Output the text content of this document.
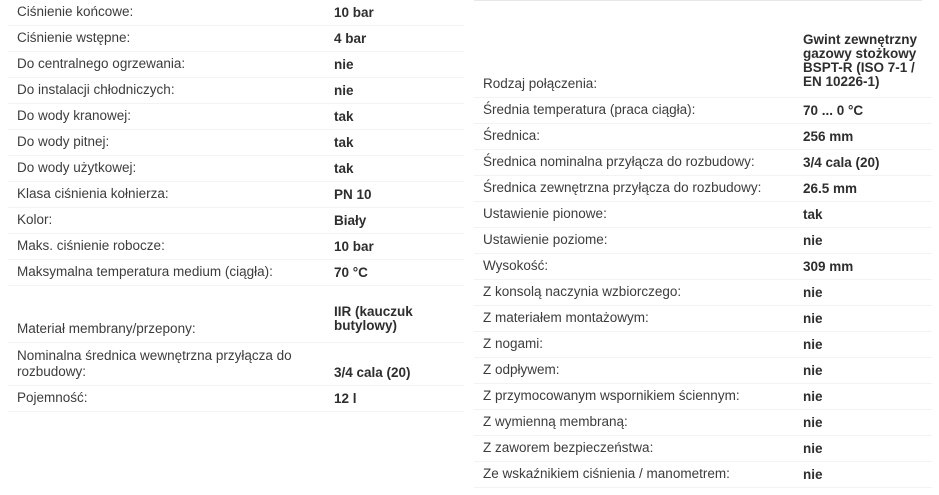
Ciśnienie końcowe:	10 bar
Ciśnienie wstępne:	4 bar
Do centralnego ogrzewania:	nie
Do instalacji chłodniczych:	nie
Do wody kranowej:	tak
Do wody pitnej:	tak
Do wody użytkowej:	tak
Klasa ciśnienia kołnierza:	PN 10
Kolor:	Biały
Maks. ciśnienie robocze:	10 bar
Maksymalna temperatura medium (ciągła):	70 °C
Materiał membrany/przepony:
IIR (kauczuk butylowy)
Nominalna średnica wewnętrzna przyłącza do rozbudowy:	3/4 cala (20)
Pojemność:	12 l
Rodzaj połączenia:
Gwint zewnętrzny gazowy stożkowy BSPT-R (ISO 7-1 / EN 10226-1)
Średnia temperatura (praca ciągła):	70 ... 0 °C
Średnica:	256 mm
Średnica nominalna przyłącza do rozbudowy:	3/4 cala (20)
Średnica zewnętrzna przyłącza do rozbudowy:	26.5 mm
Ustawienie pionowe:	tak
Ustawienie poziome:	nie
Wysokość:	309 mm
Z konsolą naczynia wzbiorczego:	nie
Z materiałem montażowym:	nie
Z nogami:	nie
Z odpływem:	nie
Z przymocowanym wspornikiem ściennym:	nie
Z wymienną membraną:	nie
Z zaworem bezpieczeństwa:	nie
Ze wskaźnikiem ciśnienia / manometrem:	nie
